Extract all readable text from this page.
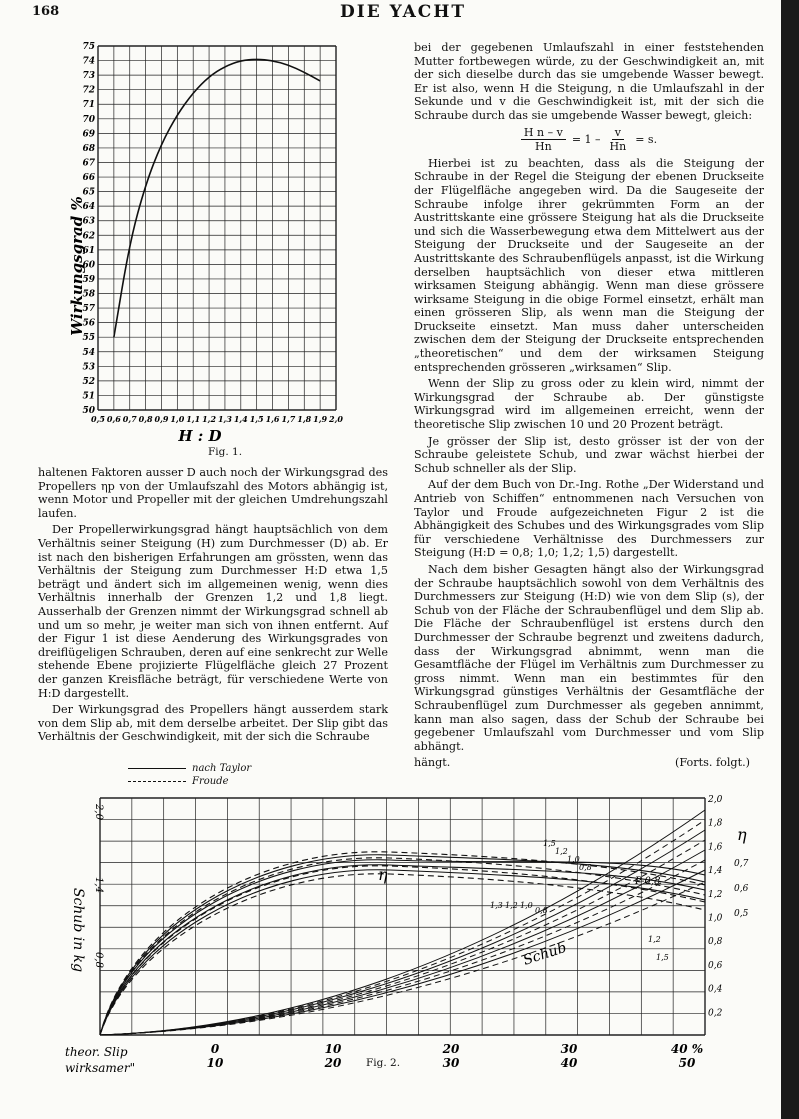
168	DIE YACHT
75
74
73
72
71
70
69
68
67
66
65
64
63
62
61
60
59
58
57
56
55
54
53
52
51
50
0,5 0,6 0,7 0,8 0,9 1,0 1,1 1,2 1,3 1,4 1,5 1,6 1,7 1,8 1,9 2,0
Wirkungsgrad %
H : D
Fig. 1.

haltenen Faktoren ausser D auch noch der Wirkungsgrad des Propellers ηp von der Umlaufszahl des Motors abhängig ist, wenn Motor und Propeller mit der gleichen Umdrehungszahl laufen.

Der Propellerwirkungsgrad hängt hauptsächlich von dem Verhältnis seiner Steigung (H) zum Durchmesser (D) ab. Er ist nach den bisherigen Erfahrungen am grössten, wenn das Verhältnis der Steigung zum Durchmesser H:D etwa 1,5 beträgt und ändert sich im allgemeinen wenig, wenn dies Verhältnis innerhalb der Grenzen 1,2 und 1,8 liegt. Ausserhalb der Grenzen nimmt der Wirkungsgrad schnell ab und um so mehr, je weiter man sich von ihnen entfernt. Auf der Figur 1 ist diese Aenderung des Wirkungsgrades von dreiflügeligen Schrauben, deren auf eine senkrecht zur Welle stehende Ebene projizierte Flügelfläche gleich 27 Prozent der ganzen Kreisfläche beträgt, für verschiedene Werte von H:D dargestellt.

Der Wirkungsgrad des Propellers hängt ausserdem stark von dem Slip ab, mit dem derselbe arbeitet. Der Slip gibt das Verhältnis der Geschwindigkeit, mit der sich die Schraube

bei der gegebenen Umlaufszahl in einer feststehenden Mutter fortbewegen würde, zu der Geschwindigkeit an, mit der sich dieselbe durch das sie umgebende Wasser bewegt. Er ist also, wenn H die Steigung, n die Umlaufszahl in der Sekunde und v die Geschwindigkeit ist, mit der sich die Schraube durch das sie umgebende Wasser bewegt, gleich:

$\frac{\text{H n – v}}{Hn} = 1 - \frac{v}{Hn} = s$.

Hierbei ist zu beachten, dass als die Steigung der Schraube in der Regel die Steigung der ebenen Druckseite der Flügelfläche angegeben wird. Da die Saugeseite der Schraube infolge ihrer gekrümmten Form an der Austrittskante eine grössere Steigung hat als die Druckseite und sich die Wasserbewegung etwa dem Mittelwert aus der Steigung der Druckseite und der Saugeseite an der Austrittskante des Schraubenflügels anpasst, ist die Wirkung derselben hauptsächlich von dieser etwa mittleren wirksamen Steigung abhängig. Wenn man diese grössere wirksame Steigung in die obige Formel einsetzt, erhält man einen grösseren Slip, als wenn man die Steigung der Druckseite einsetzt. Man muss daher unterscheiden zwischen dem der Steigung der Druckseite entsprechenden „theoretischen“ und dem der wirksamen Steigung entsprechenden grösseren „wirksamen“ Slip.

Wenn der Slip zu gross oder zu klein wird, nimmt der Wirkungsgrad der Schraube ab. Der günstigste Wirkungsgrad wird im allgemeinen erreicht, wenn der theoretische Slip zwischen 10 und 20 Prozent beträgt.

Je grösser der Slip ist, desto grösser ist der von der Schraube geleistete Schub, und zwar wächst hierbei der Schub schneller als der Slip.

Auf der dem Buch von Dr.-Ing. Rothe „Der Widerstand und Antrieb von Schiffen“ entnommenen nach Versuchen von Taylor und Froude aufgezeichneten Figur 2 ist die Abhängigkeit des Schubes und des Wirkungsgrades vom Slip für verschiedene Verhältnisse des Durchmessers zur Steigung (H:D = 0,8; 1,0; 1,2; 1,5) dargestellt.

Nach dem bisher Gesagten hängt also der Wirkungsgrad der Schraube hauptsächlich sowohl von dem Verhältnis des Durchmessers zur Steigung (H:D) wie von dem Slip (s), der Schub von der Fläche der Schraubenflügel und dem Slip ab. Die Fläche der Schraubenflügel ist erstens durch den Durchmesser der Schraube begrenzt und zweitens dadurch, dass der Wirkungsgrad abnimmt, wenn man die Gesamtfläche der Flügel im Verhältnis zum Durchmesser zu gross nimmt. Wenn man ein bestimmtes für den Wirkungsgrad günstiges Verhältnis der Gesamtfläche der Schraubenflügel zum Durchmesser als gegeben annimmt, kann man also sagen, dass der Schub der Schraube bei gegebener Umlaufszahl vom Durchmesser und vom Slip abhängt.

hängt.	(Forts. folgt.)
nach Taylor
Froude
2,0
1,4
0,8
2,0
1,8
1,6
1,4
1,2
1,0
0,8
0,6
0,4
0,2
0,7
0,6
0,5
0	10	20	30	40 %
10	20	30	40	50
1,5
1,2
1,0
0,8
1,3 1,2 1,0
0,8
1,2
1,5
Schub in kg
theor. Slip
wirksamer"
η
η
Schub
P-0,8
Fig. 2.
